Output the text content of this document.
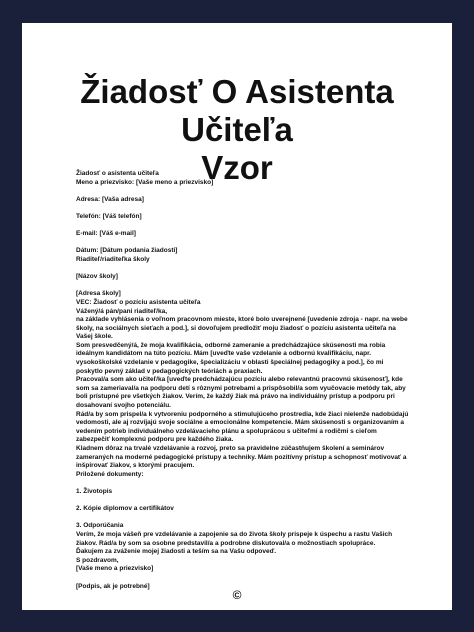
Žiadosť O Asistenta Učiteľa
Vzor

Žiadosť o asistenta učiteľa

Meno a priezvisko: [Vaše meno a priezvisko]

Adresa: [Vaša adresa]

Telefón: [Váš telefón]

E-mail: [Váš e-mail]

Dátum: [Dátum podania žiadosti]

Riaditeľ/riaditeľka školy

[Názov školy]

[Adresa školy]

VEC: Žiadosť o pozíciu asistenta učiteľa

Vážený/á pán/pani riaditeľ/ka,

na základe vyhlásenia o voľnom pracovnom mieste, ktoré bolo uverejnené [uvedenie zdroja - napr. na webe

školy, na sociálnych sieťach a pod.], si dovoľujem predložiť moju žiadosť o pozíciu asistenta učiteľa na

Vašej škole.

Som presvedčený/á, že moja kvalifikácia, odborné zameranie a predchádzajúce skúsenosti ma robia

ideálnym kandidátom na túto pozíciu. Mám [uveďte vaše vzdelanie a odbornú kvalifikáciu, napr.

vysokoškolské vzdelanie v pedagogike, špecializáciu v oblasti špeciálnej pedagogiky a pod.], čo mi

poskytlo pevný základ v pedagogických teóriách a praxiach.

Pracoval/a som ako učiteľ/ka [uveďte predchádzajúcu pozíciu alebo relevantnú pracovnú skúsenosť], kde

som sa zameriaval/a na podporu detí s rôznymi potrebami a prispôsobil/a som vyučovacie metódy tak, aby

boli prístupné pre všetkých žiakov. Verím, že každý žiak má právo na individuálny prístup a podporu pri

dosahovaní svojho potenciálu.

Rád/a by som prispel/a k vytvoreniu podporného a stimulujúceho prostredia, kde žiaci nielenže nadobúdajú

vedomosti, ale aj rozvíjajú svoje sociálne a emocionálne kompetencie. Mám skúsenosti s organizovaním a

vedením potrieb individuálneho vzdelávacieho plánu a spoluprácou s učiteľmi a rodičmi s cieľom

zabezpečiť komplexnú podporu pre každého žiaka.

Kladnem dôraz na trvalé vzdelávanie a rozvoj, preto sa pravidelne zúčastňujem školení a seminárov

zameraných na moderné pedagogické prístupy a techniky. Mám pozitívny prístup a schopnosť motivovať a

inšpirovať žiakov, s ktorými pracujem.

Priložené dokumenty:

1. Životopis

2. Kópie diplomov a certifikátov

3. Odporúčania

Verím, že moja vášeň pre vzdelávanie a zapojenie sa do života školy prispeje k úspechu a rastu Vašich

žiakov. Rád/a by som sa osobne predstavil/a a podrobne diskutoval/a o možnostiach spolupráce.

Ďakujem za zváženie mojej žiadosti a teším sa na Vašu odpoveď.

S pozdravom,

[Vaše meno a priezvisko]

[Podpis, ak je potrebné]

©
